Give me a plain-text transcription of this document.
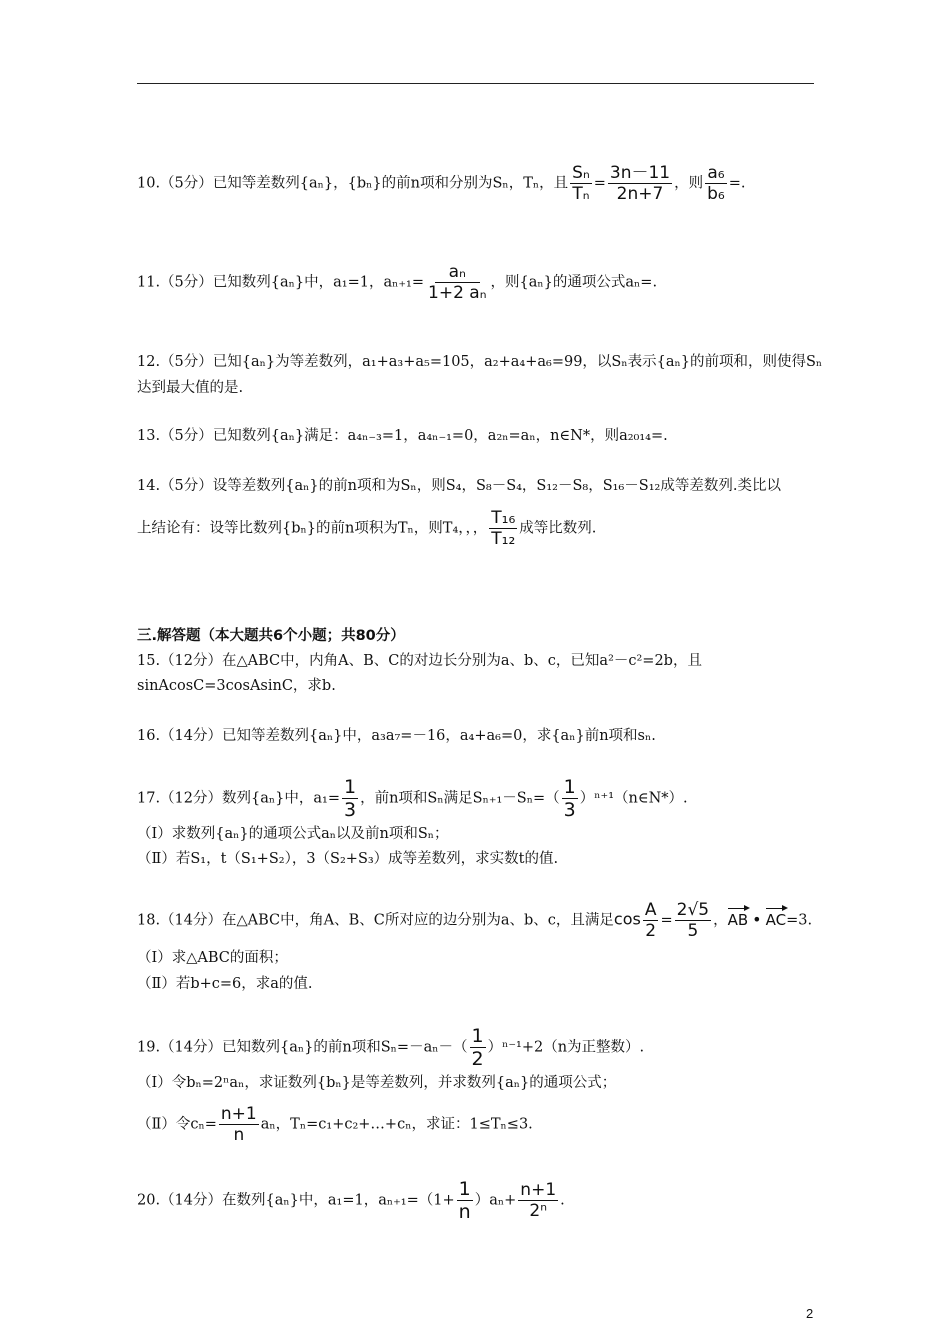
10.（5分）已知等差数列{aₙ}，{bₙ}的前n项和分别为Sₙ，Tₙ，且 $\frac{\text{Sₙ}}{\text{Tₙ}} = \frac{3n-11}{2n+7}$ ，则 $\frac{\text{a₆}}{\text{b₆}}$ =.
11.（5分）已知数列{aₙ}中，a₁=1，$a_{n+1}= \frac{\text{aₙ}}{\text{1+2 aₙ}}$ ，则{aₙ}的通项公式aₙ=.
12.（5分）已知{aₙ}为等差数列，a₁+a₃+a₅=105，a₂+a₄+a₆=99，以Sₙ表示{aₙ}的前项和，则使得Sₙ
达到最大值的是.
13.（5分）已知数列{aₙ}满足：a₄ₙ₋₃=1，a₄ₙ₋₁=0，a₂ₙ=aₙ，n∈N*，则a₂₀₁₄=.
14.（5分）设等差数列{aₙ}的前n项和为Sₙ，则S₄，S₈－S₄，S₁₂－S₈，S₁₆－S₁₂成等差数列.类比以
上结论有：设等比数列{bₙ}的前n项积为Tₙ，则T₄，，， $\frac{\text{T₁₆}}{\text{T₁₂}}$ 成等比数列.
三.解答题（本大题共6个小题；共80分）
15.（12分）在△ABC中，内角A、B、C的对边长分别为a、b、c，已知a²－c²=2b，且
sinAcosC=3cosAsinC，求b.
16.（14分）已知等差数列{aₙ}中，a₃a₇=－16，a₄+a₆=0，求{aₙ}前n项和sₙ.
17.（12分）数列{aₙ}中，$a_1= \frac{1}{3}$ ，前n项和Sₙ满足$S_{n+1}-S_n=( \frac{1}{3}$ ）ⁿ⁺¹（n∈N*）.
（Ⅰ）求数列{aₙ}的通项公式aₙ以及前n项和Sₙ；
（Ⅱ）若S₁，t（S₁+S₂），3（S₂+S₃）成等差数列，求实数t的值.
18.（14分）在△ABC中，角A、B、C所对应的边分别为a、b、c，且满足$\cos \frac{A}{2} = \frac{2√5}{5}$ ，AB • AC=3.
（Ⅰ）求△ABC的面积；
（Ⅱ）若b+c=6，求a的值.
19.（14分）已知数列{aₙ}的前n项和$S_n=-a_n-( \frac{1}{2} )^{n-1}+2(n$为正整数）.
（Ⅰ）令bₙ=2ⁿaₙ，求证数列{bₙ}是等差数列，并求数列{aₙ}的通项公式；
（Ⅱ）令$c_n= \frac{n+1}{n}$ aₙ，Tₙ=c₁+c₂+…+cₙ，求证：1≤Tₙ≤3.
20.（14分）在数列{aₙ}中，a₁=1，$a_{n+1}=(1+ \frac{1}{n} )a_n+ \frac{n+1}{\text{2ⁿ}}$ .
2
